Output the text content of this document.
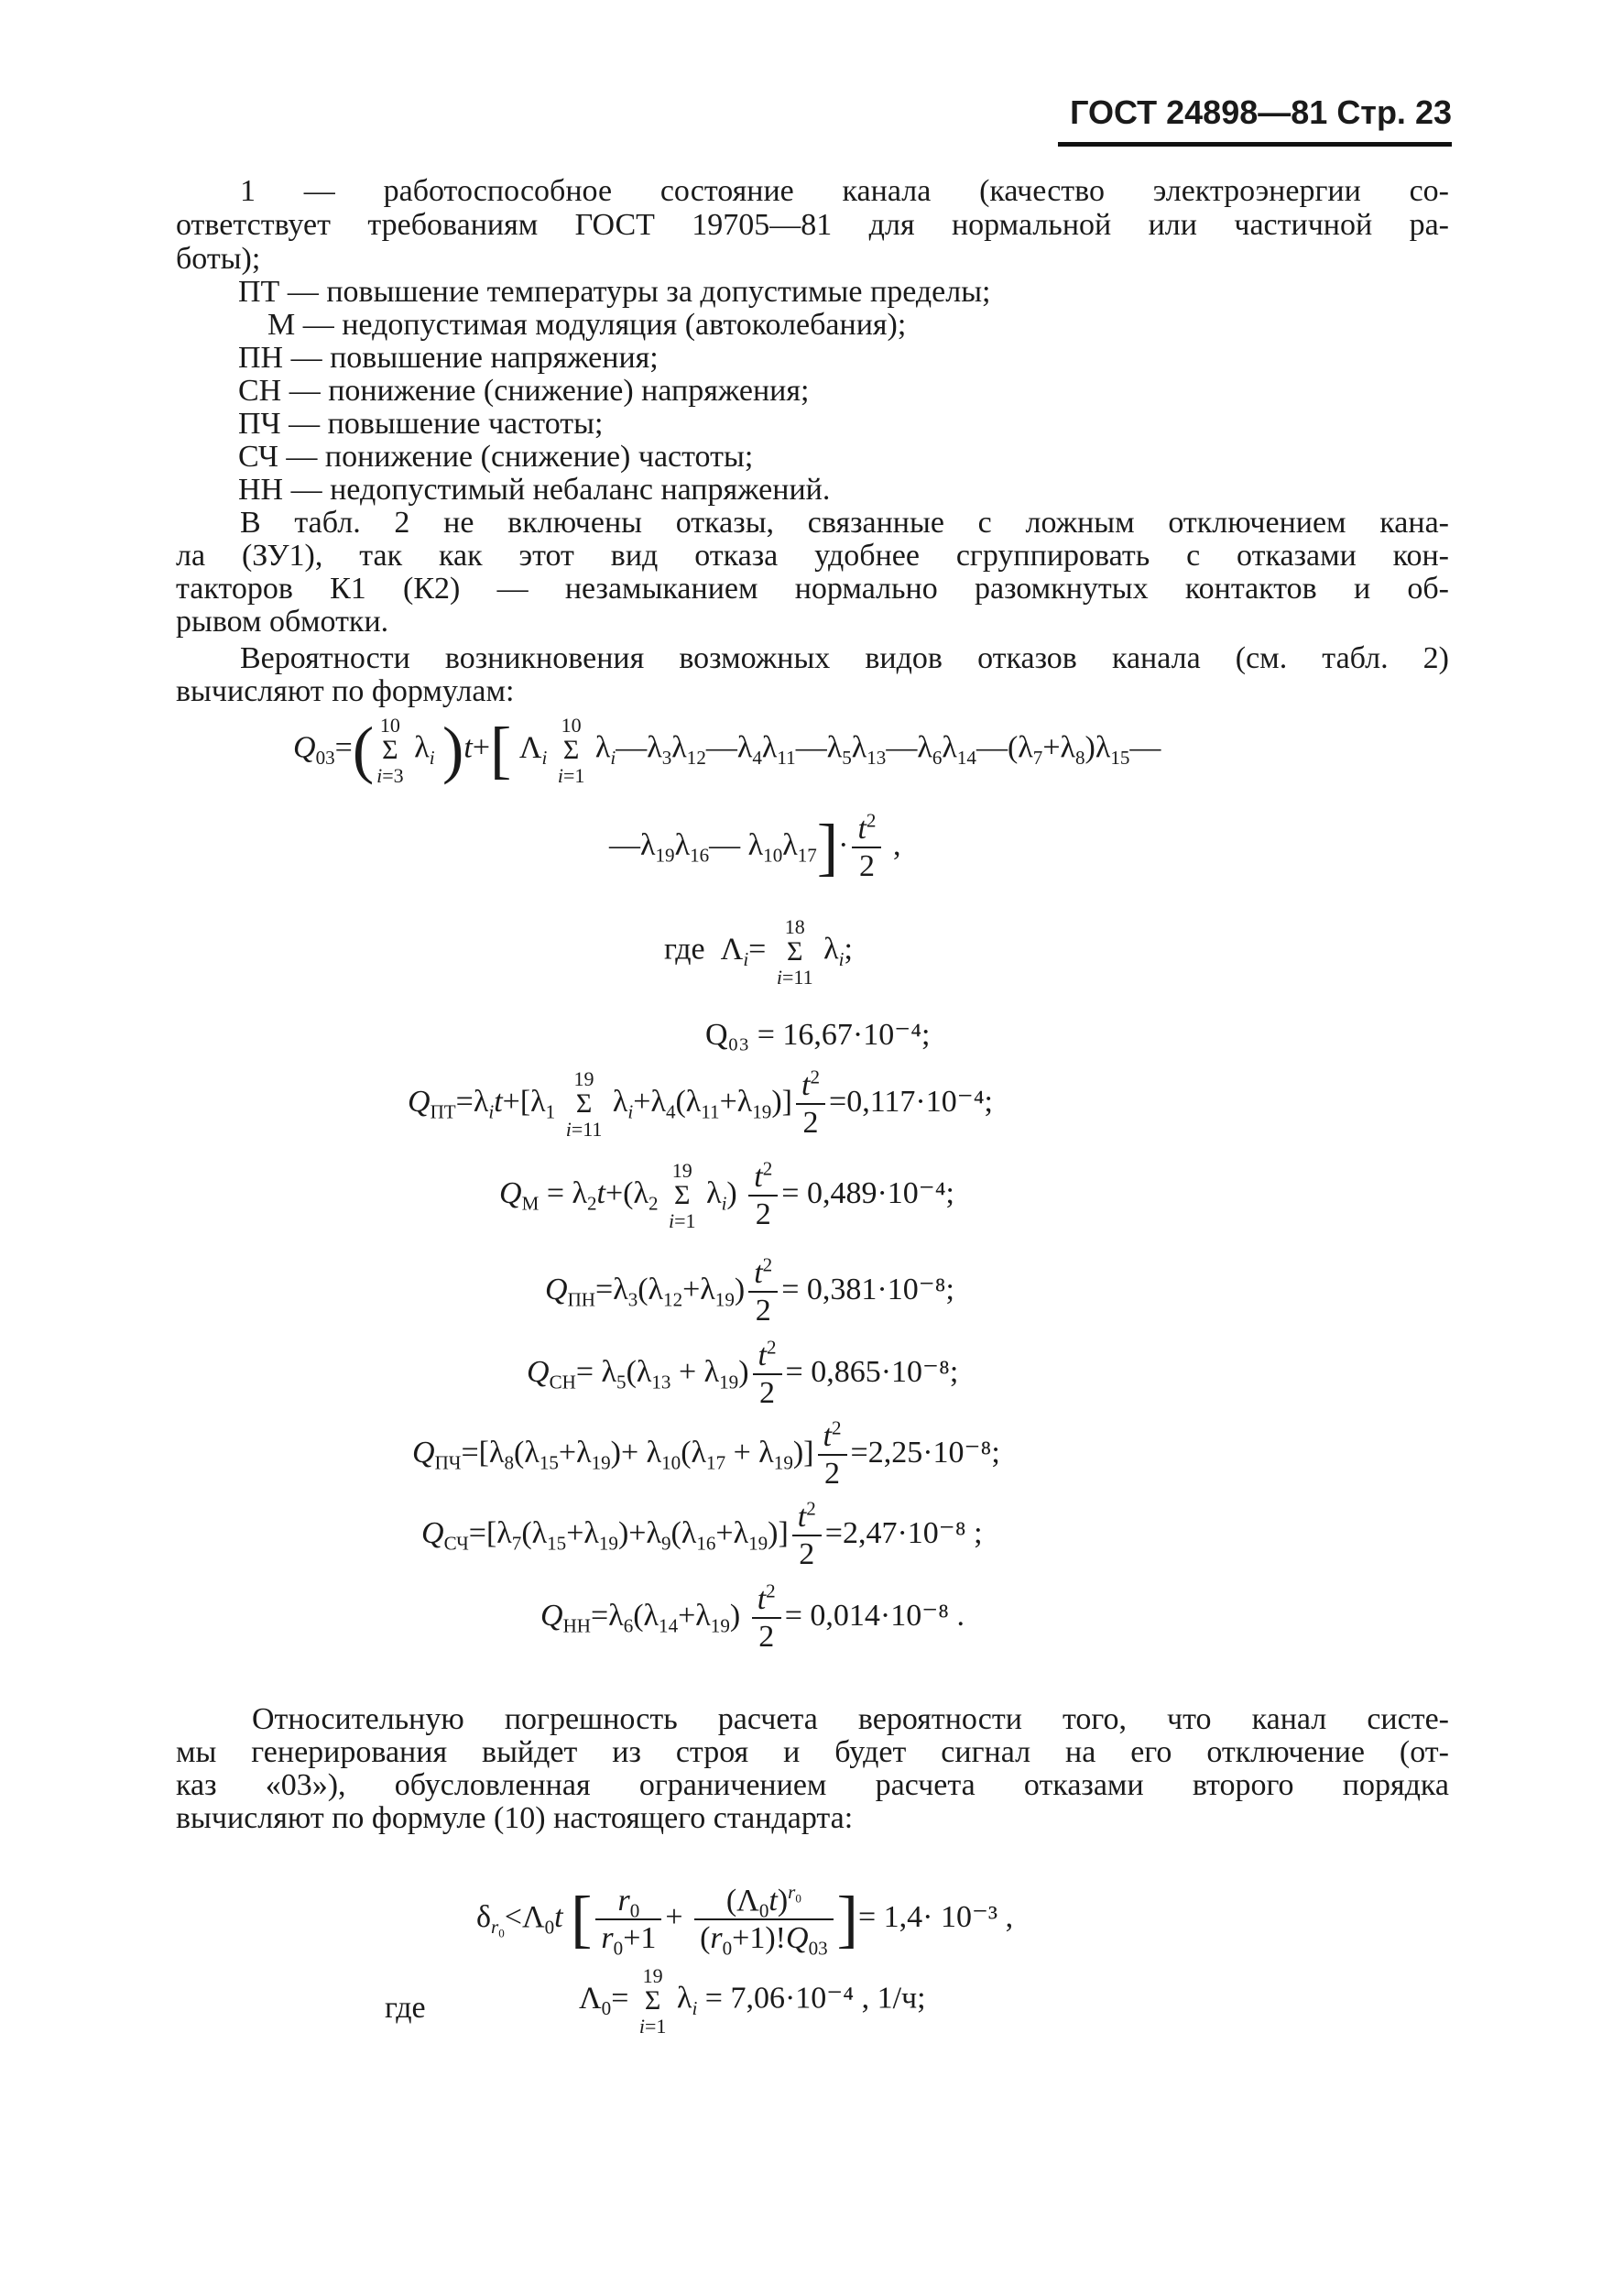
ГОСТ 24898—81 Стр. 23
1 — работоспособное состояние канала (качество электроэнергии со-
ответствует требованиям ГОСТ 19705—81 для нормальной или частичной ра-
боты);
ПТ — повышение температуры за допустимые пределы;
М — недопустимая модуляция (автоколебания);
ПН — повышение напряжения;
СН — понижение (снижение) напряжения;
ПЧ — повышение частоты;
СЧ — понижение (снижение) частоты;
НН — недопустимый небаланс напряжений.
В табл. 2 не включены отказы, связанные с ложным отключением кана-
ла (ЗУ1), так как этот вид отказа удобнее сгруппировать с отказами кон-
такторов К1 (К2) — незамыканием нормально разомкнутых контактов и об-
рывом обмотки.
Вероятности возникновения возможных видов отказов канала (см. табл. 2)
вычисляют по формулам:
$Q_{03}=$( 10
Σ
i=3
$\lambda_i$ )t+[ $\Lambda_i$
10
Σ
i=1
$\lambda_i—\lambda_3\lambda_{12}—\lambda_4\lambda_{11}—\lambda_5\lambda_{13}—\lambda_6\lambda_{14}—(\lambda_7+\lambda_8)\lambda_{15}—$
$—\lambda_{19}\lambda_{16}—$ $\lambda_{10}\lambda_{17}]\cdot \frac{t^2}{2}$ ,
где  $\Lambda_i=$
18
Σ
i=11
$\lambda_i$;
Q₀₃ = 16,67·10⁻⁴;
$Q_{ПТ}=\lambda_it+[\lambda_1$
19
Σ
i=11
$\lambda_i+\lambda_4(\lambda_{11}+\lambda_{19})] \frac{t^2}{2} =0,117\cdot 10^{-4}$;
$Q_М = \lambda_2t+(\lambda_2$
19
Σ
i=1
$\lambda_i) \frac{t^2}{2} = 0,489\cdot 10^{-4}$;
$Q_{ПН}=\lambda_3(\lambda_{12}+\lambda_{19}) \frac{t^2}{2} = 0,381\cdot 10^{-8}$;
$Q_{СН}= \lambda_5(\lambda_{13} + \lambda_{19}) \frac{t^2}{2} = 0,865\cdot 10^{-8}$;
$Q_{ПЧ}=[\lambda_8(\lambda_{15}+\lambda_{19})+ \lambda_{10}(\lambda_{17} + \lambda_{19})] \frac{t^2}{2} =2,25\cdot 10^{-8}$;
$Q_{СЧ}=[\lambda_7(\lambda_{15}+\lambda_{19})+\lambda_9(\lambda_{16}+\lambda_{19})] \frac{t^2}{2} =2,47\cdot 10^{-8}$ ;
$Q_{НН}=\lambda_6(\lambda_{14}+\lambda_{19}) \frac{t^2}{2} = 0,014\cdot 10^{-8}$ .
Относительную погрешность расчета вероятности того, что канал систе-
мы генерирования выйдет из строя и будет сигнал на его отключение (от-
каз «03»), обусловленная ограничением расчета отказами второго порядка
вычисляют по формуле (10) настоящего стандарта:
$\delta_{r_0}<\Lambda_0t$ [ $\frac{r_0}{r_0+1} + \frac{(\Lambda_0t)^{r_0}}{(r_0+1)!Q_{03}}$ ]= 1,4· 10⁻³ ,
где	$\Lambda_0=$
19
Σ
i=1
$\lambda_i = 7,06\cdot 10^{-4}$ , 1/ч;
